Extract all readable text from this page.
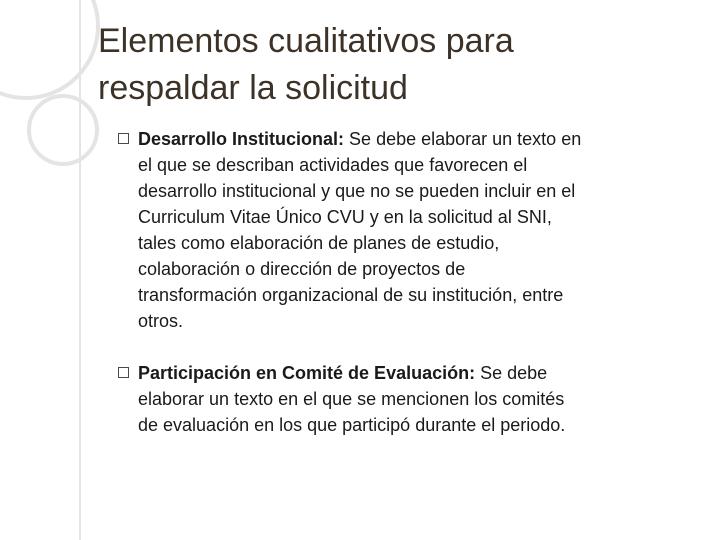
Elementos cualitativos para
respaldar la solicitud
Desarrollo Institucional: Se debe elaborar un texto en
el que se describan actividades que favorecen el
desarrollo institucional y que no se pueden incluir en el
Curriculum Vitae Único CVU y en la solicitud al SNI,
tales como elaboración de planes de estudio,
colaboración o dirección de proyectos de
transformación organizacional de su institución, entre
otros.
Participación en Comité de Evaluación: Se debe
elaborar un texto en el que se mencionen los comités
de evaluación en los que participó durante el periodo.
